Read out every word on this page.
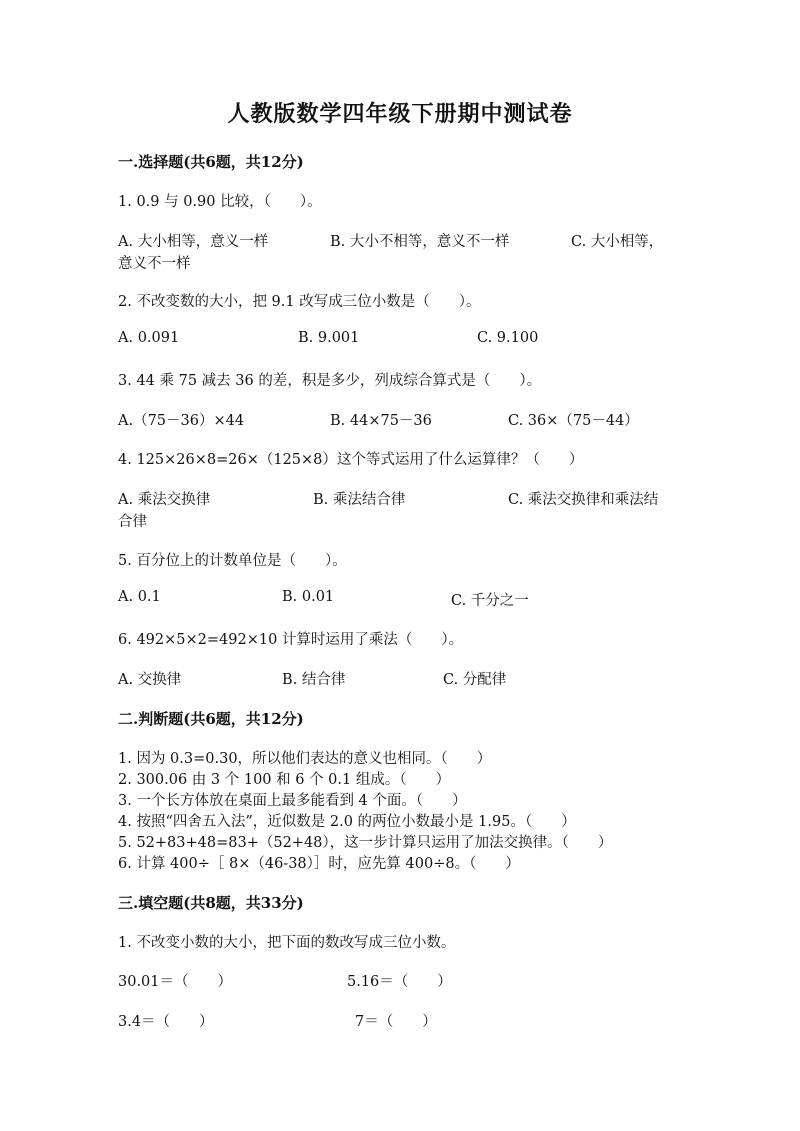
人教版数学四年级下册期中测试卷
一.选择题(共6题，共12分)
1. 0.9 与 0.90 比较，（　　）。
A. 大小相等，意义一样	B. 大小不相等，意义不一样	C. 大小相等，
意义不一样
2. 不改变数的大小，把 9.1 改写成三位小数是（　　）。
A. 0.091	B. 9.001	C. 9.100
3. 44 乘 75 减去 36 的差，积是多少，列成综合算式是（　　）。
A.（75－36）×44	B. 44×75－36	C. 36×（75－44）
4. 125×26×8=26×（125×8）这个等式运用了什么运算律？（　　）
A. 乘法交换律	B. 乘法结合律	C. 乘法交换律和乘法结
合律
5. 百分位上的计数单位是（　　）。
A. 0.1	B. 0.01	C. 千分之一
6. 492×5×2=492×10 计算时运用了乘法（　　）。
A. 交换律	B. 结合律	C. 分配律
二.判断题(共6题，共12分)
1. 因为 0.3=0.30，所以他们表达的意义也相同。（　　）
2. 300.06 由 3 个 100 和 6 个 0.1 组成。（　　）
3. 一个长方体放在桌面上最多能看到 4 个面。（　　）
4. 按照“四舍五入法”，近似数是 2.0 的两位小数最小是 1.95。（　　）
5. 52+83+48=83+（52+48），这一步计算只运用了加法交换律。（　　）
6. 计算 400÷［ 8×（46-38）］时，应先算 400÷8。（　　）
三.填空题(共8题，共33分)
1. 不改变小数的大小，把下面的数改写成三位小数。
30.01＝（　　）	5.16＝（　　）
3.4＝（　　）	7＝（　　）
